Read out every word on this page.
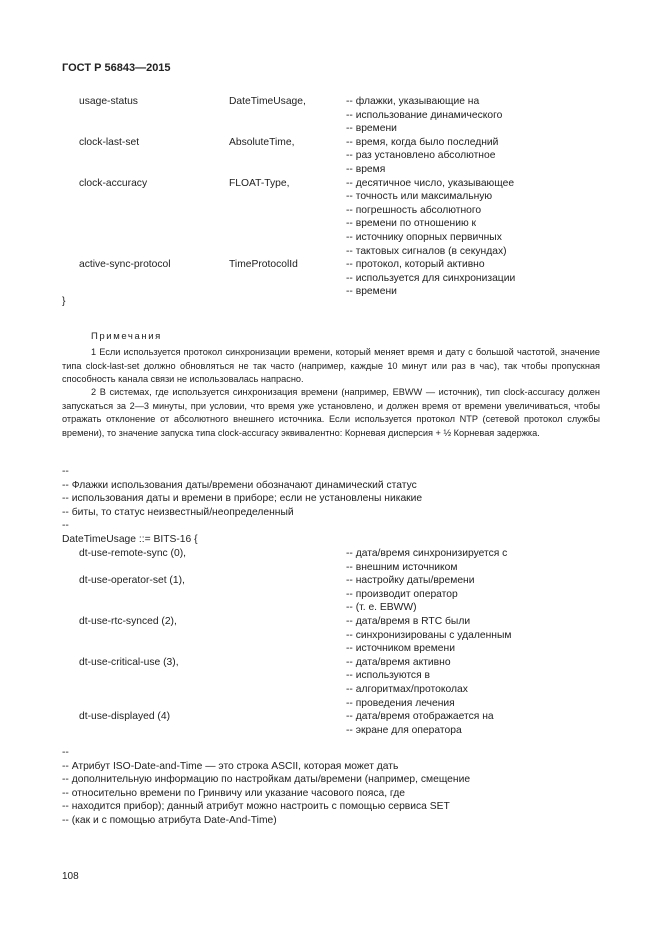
ГОСТ Р 56843—2015
usage-status	DateTimeUsage,	-- флажки, указывающие на
-- использование динамического
-- времени
clock-last-set	AbsoluteTime,	-- время, когда было последний
-- раз установлено абсолютное
-- время
clock-accuracy	FLOAT-Type,	-- десятичное число, указывающее
-- точность или максимальную
-- погрешность абсолютного
-- времени по отношению к
-- источнику опорных первичных
-- тактовых сигналов (в секундах)
active-sync-protocol	TimeProtocolId	-- протокол, который активно
-- используется для синхронизации
-- времени
}
Примечания

1 Если используется протокол синхронизации времени, который меняет время и дату с большой частотой, значение типа clock-last-set должно обновляться не так часто (например, каждые 10 минут или раз в час), так чтобы пропускная способность канала связи не использовалась напрасно.

2 В системах, где используется синхронизация времени (например, EBWW — источник), тип clock-accuracy должен запускаться за 2—3 минуты, при условии, что время уже установлено, и должен время от времени увеличиваться, чтобы отражать отклонение от абсолютного внешнего источника. Если используется протокол NTP (сетевой протокол службы времени), то значение запуска типа clock-accuracy эквивалентно: Корневая дисперсия + ½ Корневая задержка.

--
-- Флажки использования даты/времени обозначают динамический статус
-- использования даты и времени в приборе; если не установлены никакие
-- биты, то статус неизвестный/неопределенный
--
DateTimeUsage ::= BITS-16 {
dt-use-remote-sync (0),	-- дата/время синхронизируется с
-- внешним источником
dt-use-operator-set (1),	-- настройку даты/времени
-- производит оператор
-- (т. е. EBWW)
dt-use-rtc-synced (2),	-- дата/время в RTC были
-- синхронизированы с удаленным
-- источником времени
dt-use-critical-use (3),	-- дата/время активно
-- используются в
-- алгоритмах/протоколах
-- проведения лечения
dt-use-displayed (4)	-- дата/время отображается на
-- экране для оператора
--
-- Атрибут ISO-Date-and-Time — это строка ASCII, которая может дать
-- дополнительную информацию по настройкам даты/времени (например, смещение
-- относительно времени по Гринвичу или указание часового пояса, где
-- находится прибор); данный атрибут можно настроить с помощью сервиса SET
-- (как и с помощью атрибута Date-And-Time)
108
